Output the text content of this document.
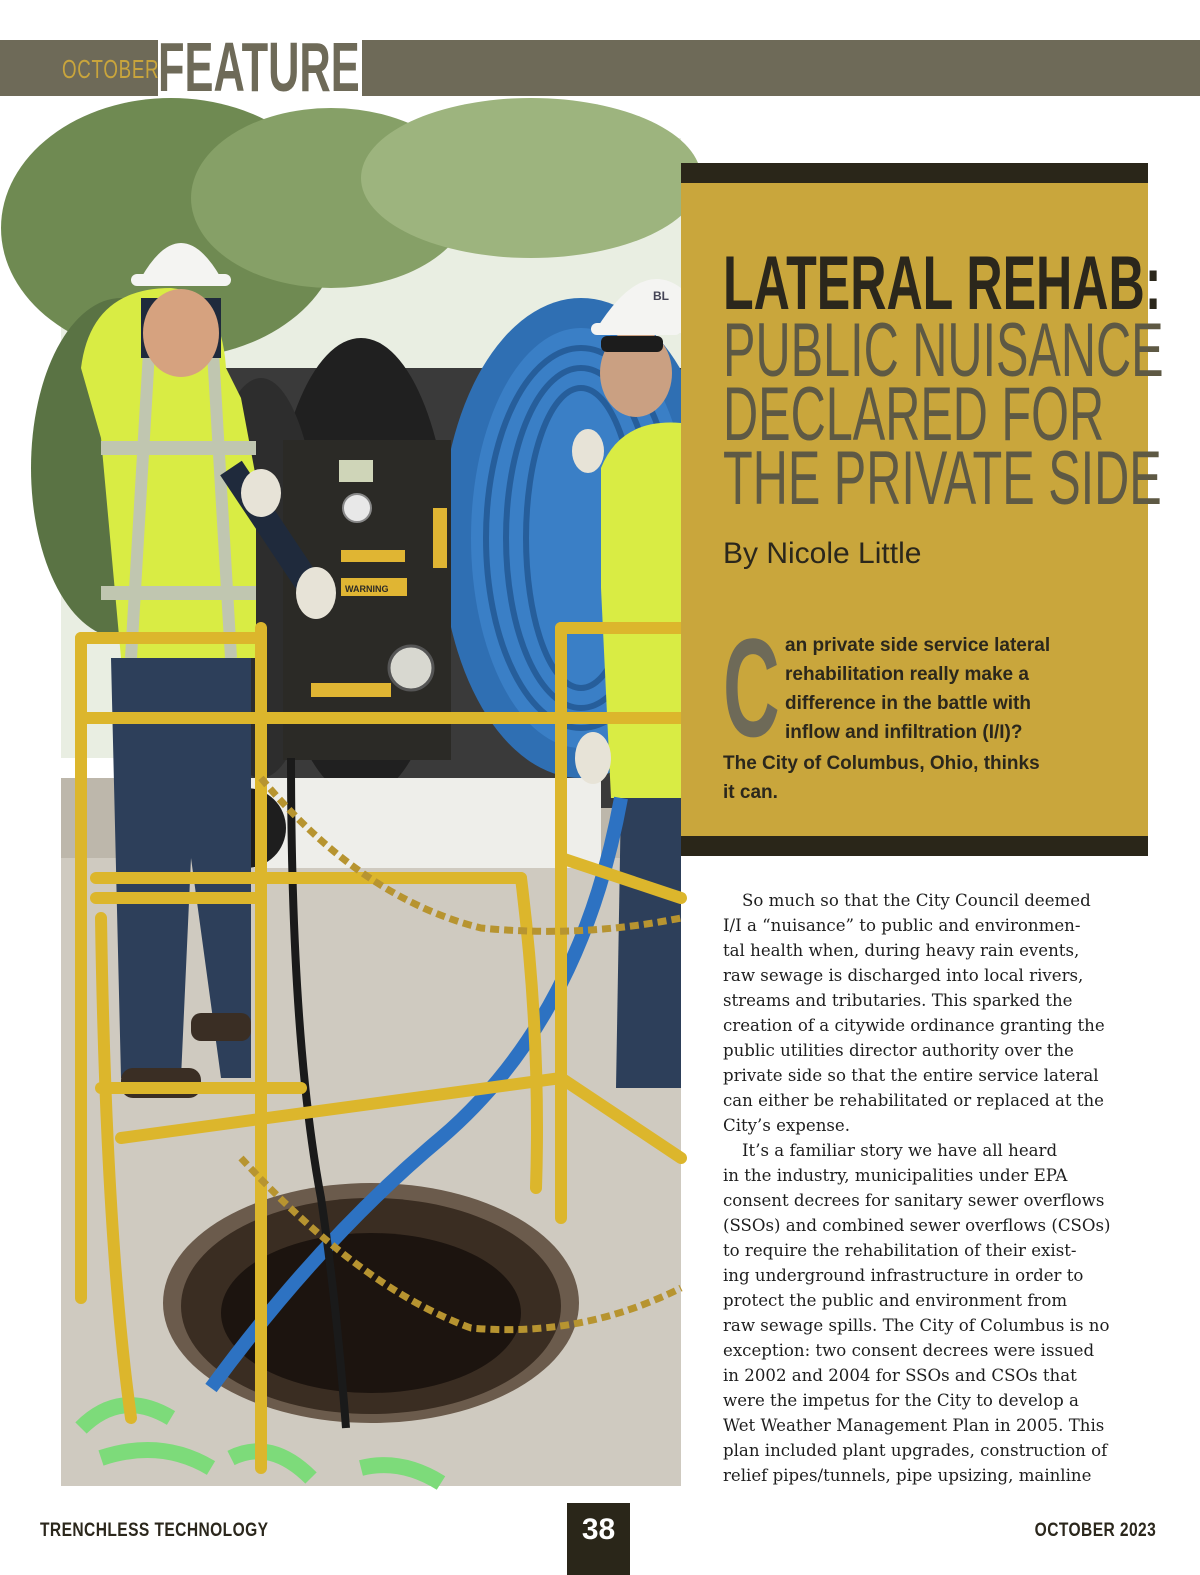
OCTOBER
FEATURE
WARNING
BL LATERAL REHAB:
PUBLIC NUISANCE
DECLARED FOR
THE PRIVATE SIDE
By Nicole Little
C an private side service lateral
rehabilitation really make a
difference in the battle with
inflow and infiltration (I/I)?
The City of Columbus, Ohio, thinks
it can.
So much so that the City Council deemed
I/I a “nuisance” to public and environmen-
tal health when, during heavy rain events,
raw sewage is discharged into local rivers,
streams and tributaries. This sparked the
creation of a citywide ordinance granting the
public utilities director authority over the
private side so that the entire service lateral
can either be rehabilitated or replaced at the
City’s expense.
It’s a familiar story we have all heard
in the industry, municipalities under EPA
consent decrees for sanitary sewer overflows
(SSOs) and combined sewer overflows (CSOs)
to require the rehabilitation of their exist-
ing underground infrastructure in order to
protect the public and environment from
raw sewage spills. The City of Columbus is no
exception: two consent decrees were issued
in 2002 and 2004 for SSOs and CSOs that
were the impetus for the City to develop a
Wet Weather Management Plan in 2005. This
plan included plant upgrades, construction of
relief pipes/tunnels, pipe upsizing, mainline
TRENCHLESS TECHNOLOGY	38	OCTOBER 2023
